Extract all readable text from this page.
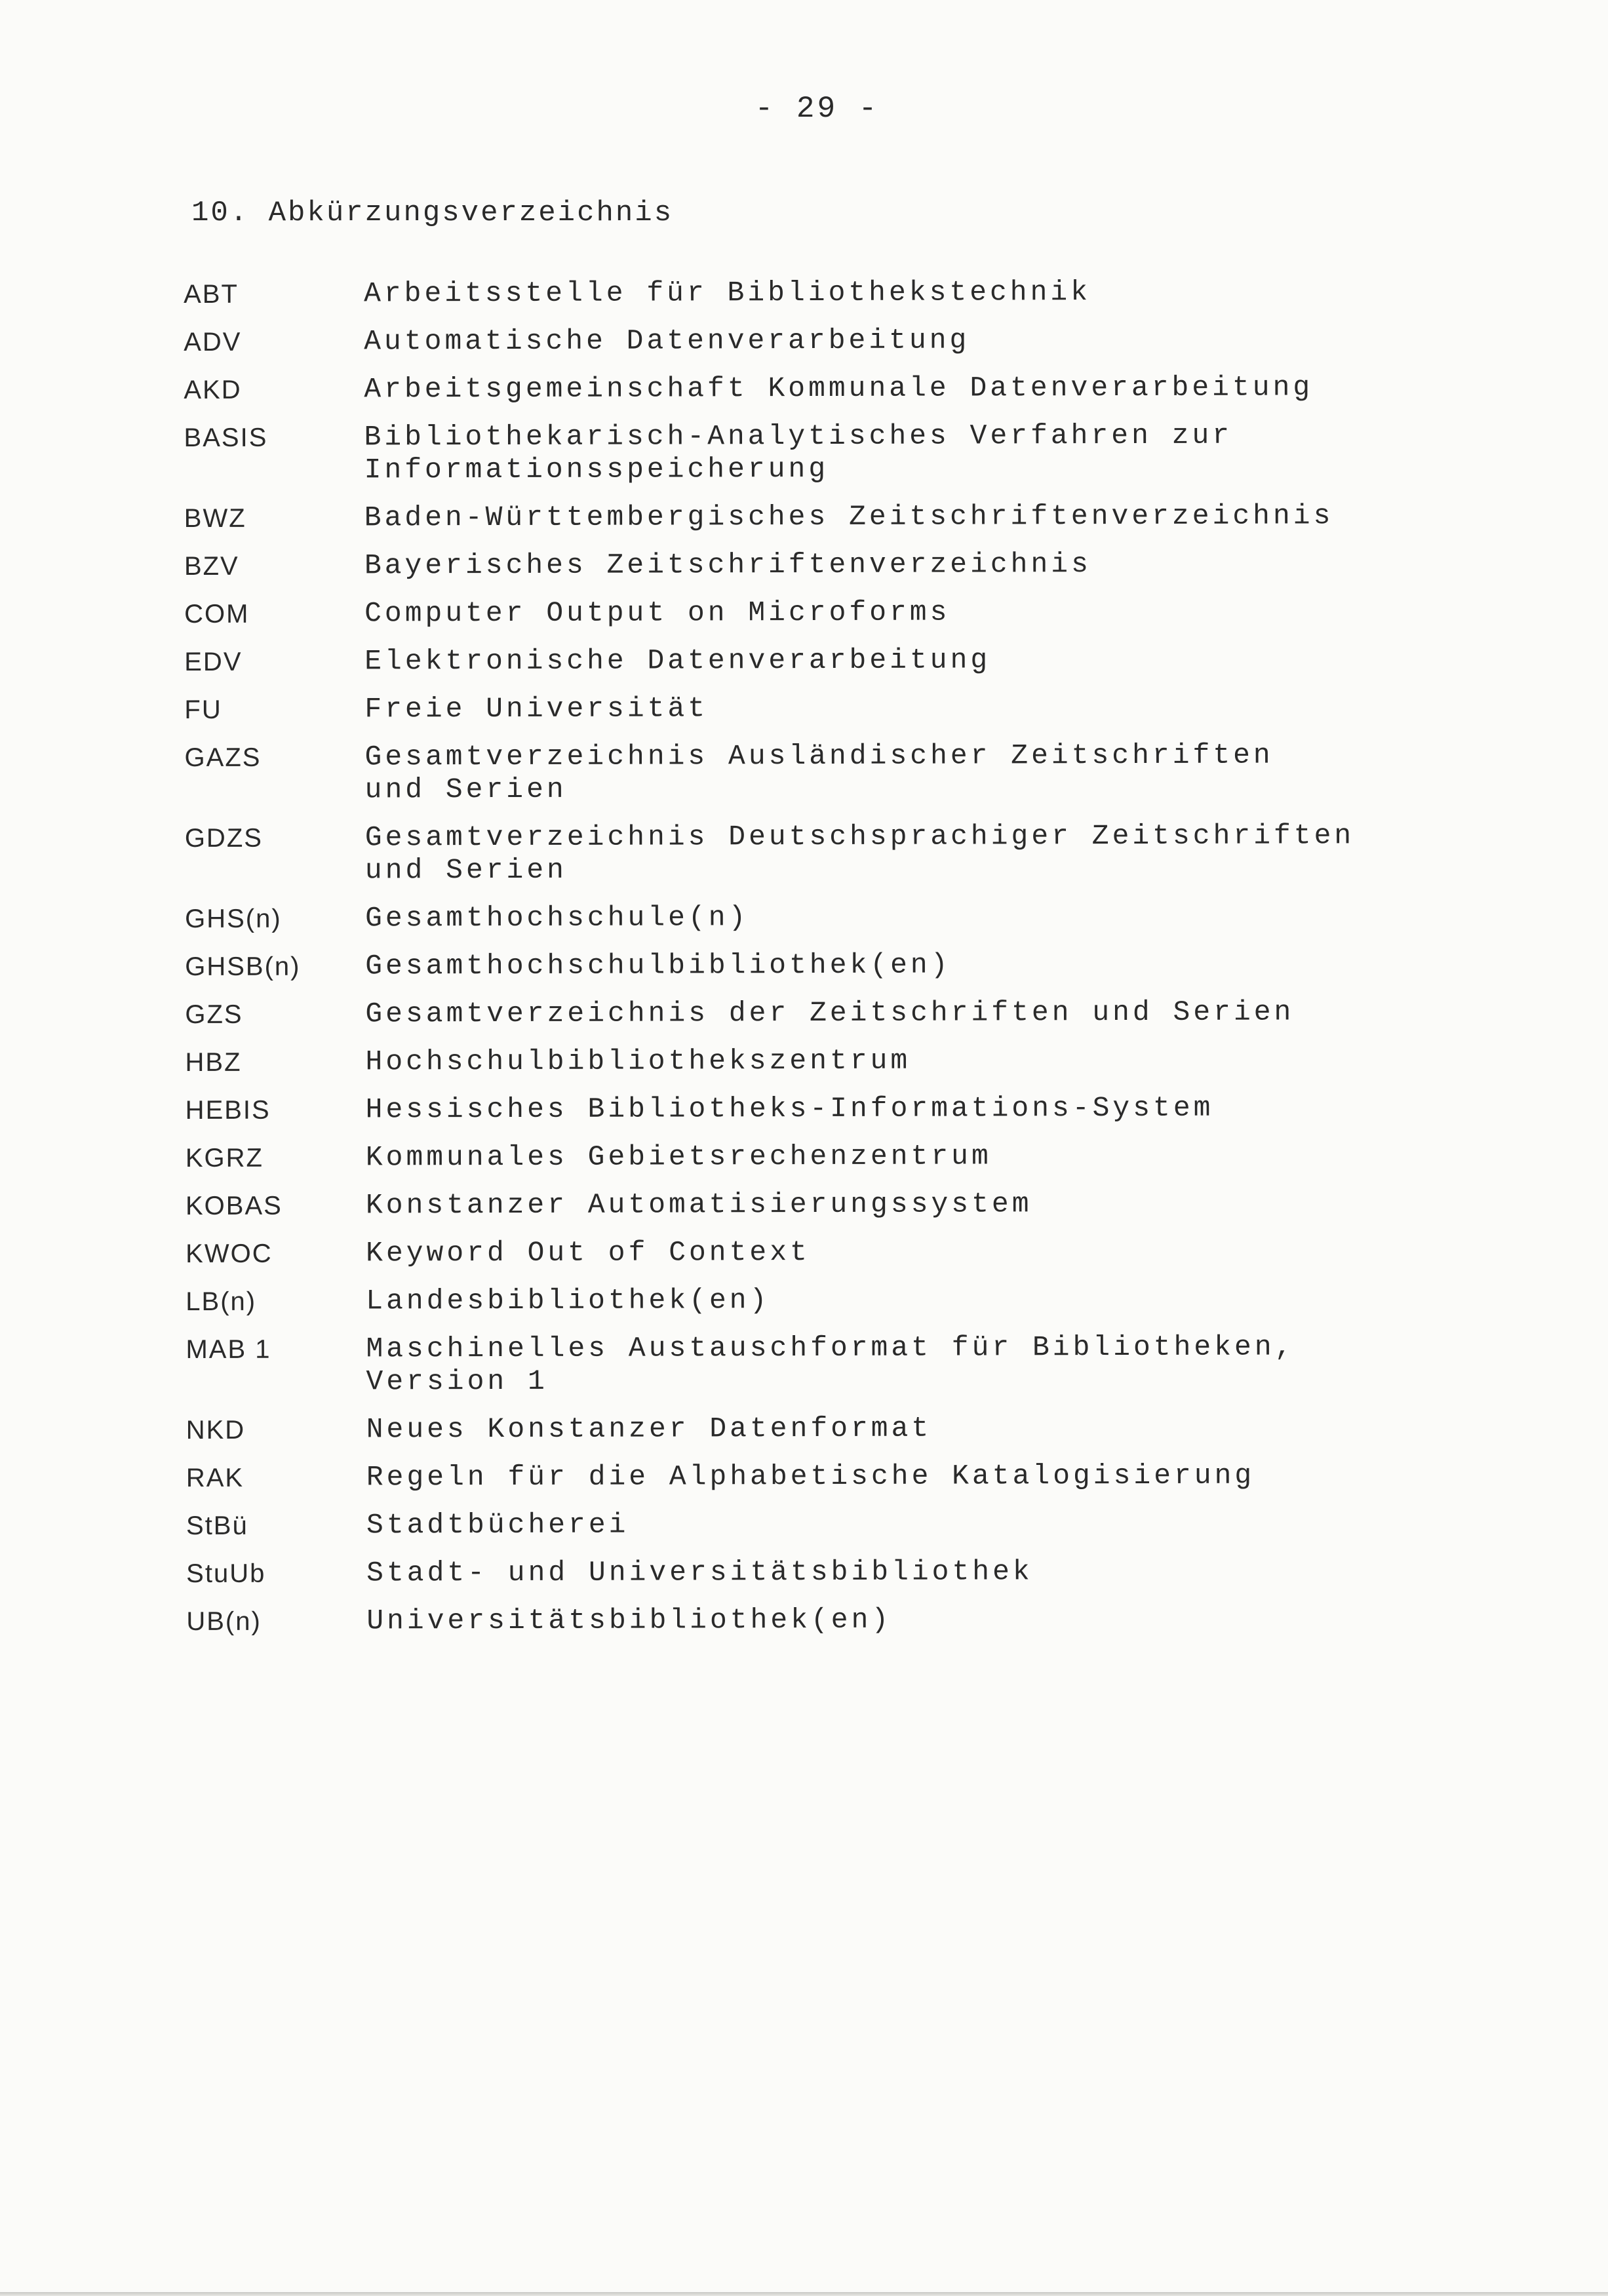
- 29 -
10. Abkürzungsverzeichnis
ABT	Arbeitsstelle für Bibliothekstechnik
ADV	Automatische Datenverarbeitung
AKD	Arbeitsgemeinschaft Kommunale Datenverarbeitung
BASIS	Bibliothekarisch-Analytisches Verfahren zur
Informationsspeicherung
BWZ	Baden-Württembergisches Zeitschriftenverzeichnis
BZV	Bayerisches Zeitschriftenverzeichnis
COM	Computer Output on Microforms
EDV	Elektronische Datenverarbeitung
FU	Freie Universität
GAZS	Gesamtverzeichnis Ausländischer Zeitschriften
und Serien
GDZS	Gesamtverzeichnis Deutschsprachiger Zeitschriften
und Serien
GHS(n)	Gesamthochschule(n)
GHSB(n)	Gesamthochschulbibliothek(en)
GZS	Gesamtverzeichnis der Zeitschriften und Serien
HBZ	Hochschulbibliothekszentrum
HEBIS	Hessisches Bibliotheks-Informations-System
KGRZ	Kommunales Gebietsrechenzentrum
KOBAS	Konstanzer Automatisierungssystem
KWOC	Keyword Out of Context
LB(n)	Landesbibliothek(en)
MAB 1	Maschinelles Austauschformat für Bibliotheken,
Version 1
NKD	Neues Konstanzer Datenformat
RAK	Regeln für die Alphabetische Katalogisierung
StBü	Stadtbücherei
StuUb	Stadt- und Universitätsbibliothek
UB(n)	Universitätsbibliothek(en)
